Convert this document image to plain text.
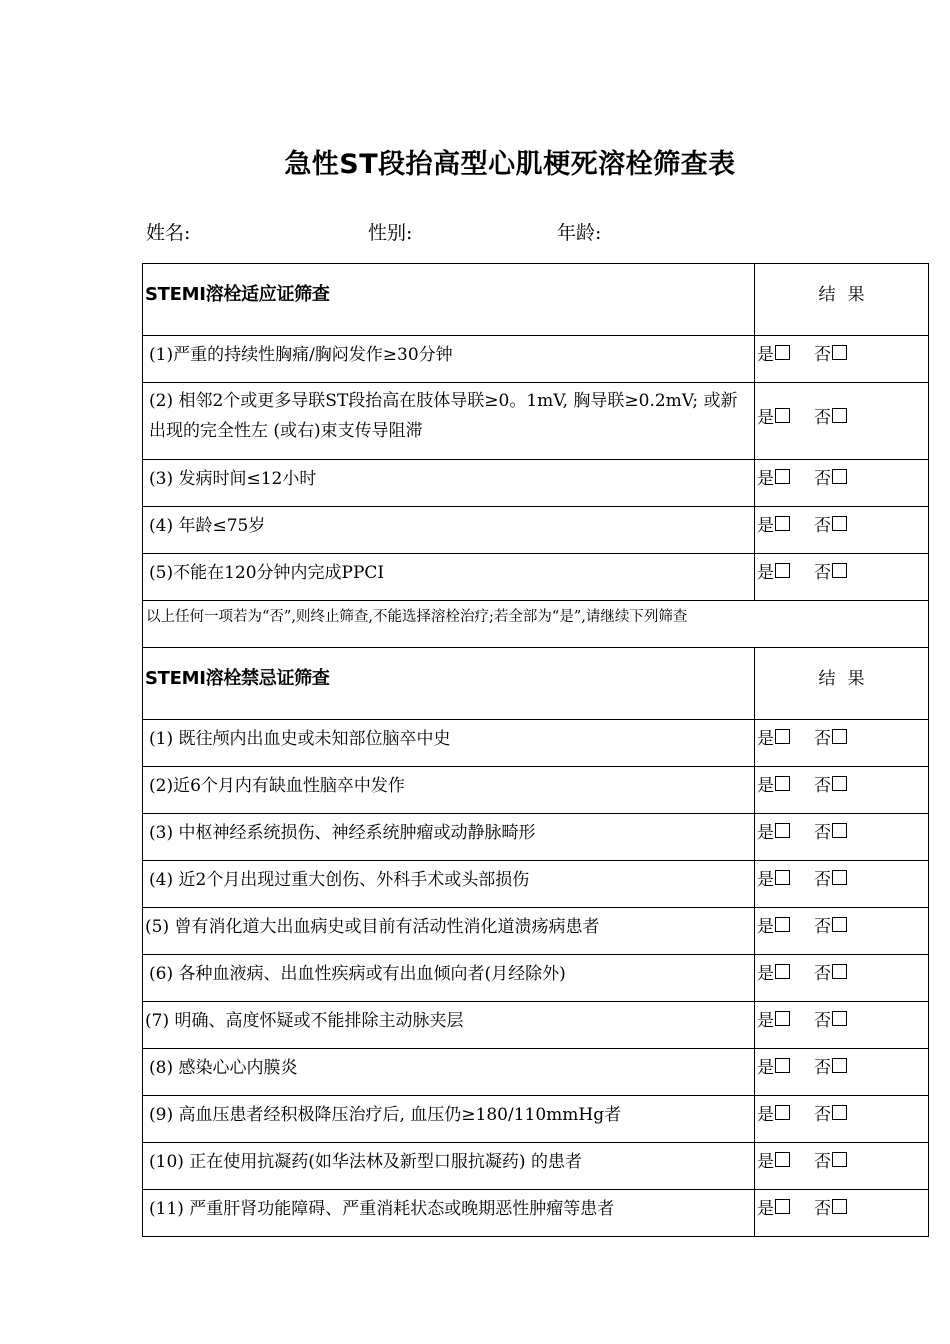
急性ST段抬高型心肌梗死溶栓筛查表
姓名:	性别:	年龄:
STEMI溶栓适应证筛查	结果

(1)严重的持续性胸痛/胸闷发作≥30分钟	是 否

(2) 相邻2个或更多导联ST段抬高在肢体导联≥0。1mV, 胸导联≥0.2mV; 或新出现的完全性左 (或右)束支传导阻滞	是 否

(3) 发病时间≤12小时	是 否

(4) 年龄≤75岁	是 否

(5)不能在120分钟内完成PPCI	是 否

以上任何一项若为“否”,则终止筛查,不能选择溶栓治疗;若全部为“是”,请继续下列筛查	

STEMI溶栓禁忌证筛查	结果

(1) 既往颅内出血史或未知部位脑卒中史	是 否

(2)近6个月内有缺血性脑卒中发作	是 否

(3) 中枢神经系统损伤、神经系统肿瘤或动静脉畸形	是 否

(4) 近2个月出现过重大创伤、外科手术或头部损伤	是 否

(5) 曾有消化道大出血病史或目前有活动性消化道溃疡病患者	是 否

(6) 各种血液病、出血性疾病或有出血倾向者(月经除外)	是 否

(7) 明确、高度怀疑或不能排除主动脉夹层	是 否

(8) 感染心心内膜炎	是 否

(9) 高血压患者经积极降压治疗后, 血压仍≥180/110mmHg者	是 否

(10) 正在使用抗凝药(如华法林及新型口服抗凝药) 的患者	是 否

(11) 严重肝肾功能障碍、严重消耗状态或晚期恶性肿瘤等患者	是 否
